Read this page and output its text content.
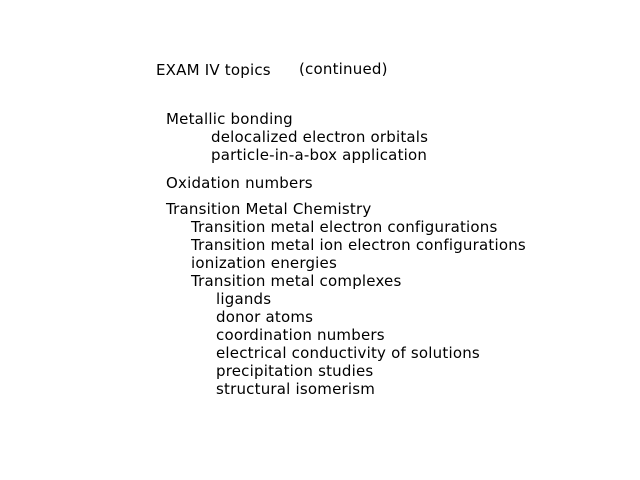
EXAM IV topics (continued)
Metallic bonding
delocalized electron orbitals
particle-in-a-box application
Oxidation numbers
Transition Metal Chemistry
Transition metal electron configurations
Transition metal ion electron configurations
ionization energies
Transition metal complexes
ligands
donor atoms
coordination numbers
electrical conductivity of solutions
precipitation studies
structural isomerism
